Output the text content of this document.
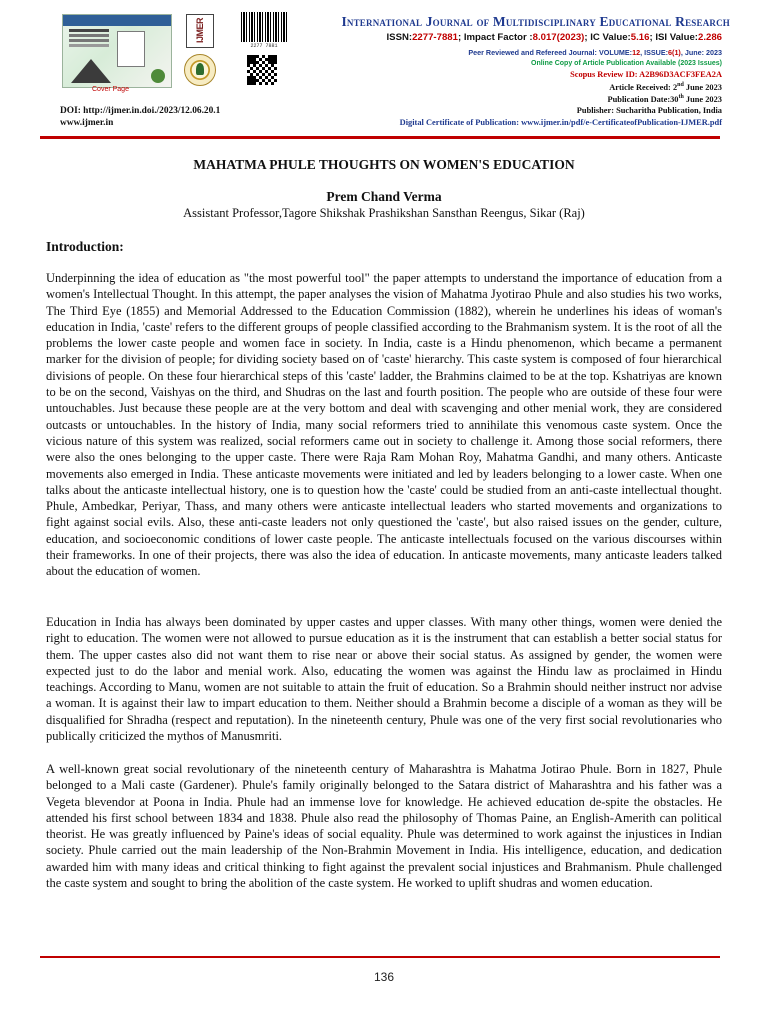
Cover Page
IJMER
2277 7881
International Journal of Multidisciplinary Educational Research
ISSN:2277-7881; Impact Factor :8.017(2023); IC Value:5.16; ISI Value:2.286
Peer Reviewed and Refereed Journal: VOLUME:12, ISSUE:6(1), June: 2023
Online Copy of Article Publication Available (2023 Issues)
Scopus Review ID: A2B96D3ACF3FEA2A
Article Received: 2nd June 2023
Publication Date:30th June 2023
Publisher: Sucharitha Publication, India
Digital Certificate of Publication: www.ijmer.in/pdf/e-CertificateofPublication-IJMER.pdf
DOI: http://ijmer.in.doi./2023/12.06.20.1
www.ijmer.in
MAHATMA PHULE THOUGHTS ON WOMEN'S EDUCATION
Prem Chand Verma
Assistant Professor,Tagore Shikshak Prashikshan Sansthan Reengus, Sikar (Raj)
Introduction:

Underpinning the idea of education as "the most powerful tool" the paper attempts to understand the importance of education from a women's Intellectual Thought. In this attempt, the paper analyses the vision of Mahatma Jyotirao Phule and also studies his two works, The Third Eye (1855) and Memorial Addressed to the Education Commission (1882), wherein he underlines his ideas of woman's education in India, 'caste' refers to the different groups of people classified according to the Brahmanism system. It is the root of all the problems the lower caste people and women face in society. In India, caste is a Hindu phenomenon, which became a permanent marker for the division of people; for dividing society based on of 'caste' hierarchy. This caste system is composed of four hierarchical divisions of people. On these four hierarchical steps of this 'caste' ladder, the Brahmins claimed to be at the top. Kshatriyas are known to be on the second, Vaishyas on the third, and Shudras on the last and fourth position. The people who are outside of these four were untouchables. Just because these people are at the very bottom and deal with scavenging and other menial work, they are considered outcasts or untouchables. In the history of India, many social reformers tried to annihilate this venomous caste system. Once the vicious nature of this system was realized, social reformers came out in society to challenge it. Among those social reformers, there were also the ones belonging to the upper caste. There were Raja Ram Mohan Roy, Mahatma Gandhi, and many others. Anticaste movements also emerged in India. These anticaste movements were initiated and led by leaders belonging to a lower caste. When one talks about the anticaste intellectual history, one is to question how the 'caste' could be studied from an anti-caste intellectual thought. Phule, Ambedkar, Periyar, Thass, and many others were anticaste intellectual leaders who started movements and organizations to fight against social evils. Also, these anti-caste leaders not only questioned the 'caste', but also raised issues on the gender, culture, education, and socioeconomic conditions of lower caste people. The anticaste intellectuals focused on the various discourses within their frameworks. In one of their projects, there was also the idea of education. In anticaste movements, many anticaste leaders talked about the education of women.

Education in India has always been dominated by upper castes and upper classes. With many other things, women were denied the right to education. The women were not allowed to pursue education as it is the instrument that can establish a better social status for them. The upper castes also did not want them to rise near or above their social status. As assigned by gender, the women were expected just to do the labor and menial work. Also, educating the women was against the Hindu law as proclaimed in Hindu teachings. According to Manu, women are not suitable to attain the fruit of education. So a Brahmin should neither instruct nor advise a woman. It is against their law to impart education to them. Neither should a Brahmin become a disciple of a woman as they will be disqualified for Shradha (respect and reputation). In the nineteenth century, Phule was one of the very first social revolutionaries who publically criticized the mythos of Manusmriti.

A well-known great social revolutionary of the nineteenth century of Maharashtra is Mahatma Jotirao Phule. Born in 1827, Phule belonged to a Mali caste (Gardener). Phule's family originally belonged to the Satara district of Maharashtra and his father was a Vegeta blevendor at Poona in India. Phule had an immense love for knowledge. He achieved education de-spite the obstacles. He attended his first school between 1834 and 1838. Phule also read the philosophy of Thomas Paine, an English-Amerith can political theorist. He was greatly influenced by Paine's ideas of social equality. Phule was determined to work against the injustices in Indian society. Phule carried out the main leadership of the Non-Brahmin Movement in India. His intelligence, education, and dedication awarded him with many ideas and critical thinking to fight against the prevalent social injustices and Brahmanism. Phule challenged the caste system and sought to bring the abolition of the caste system. He worked to uplift shudras and women education.

136
